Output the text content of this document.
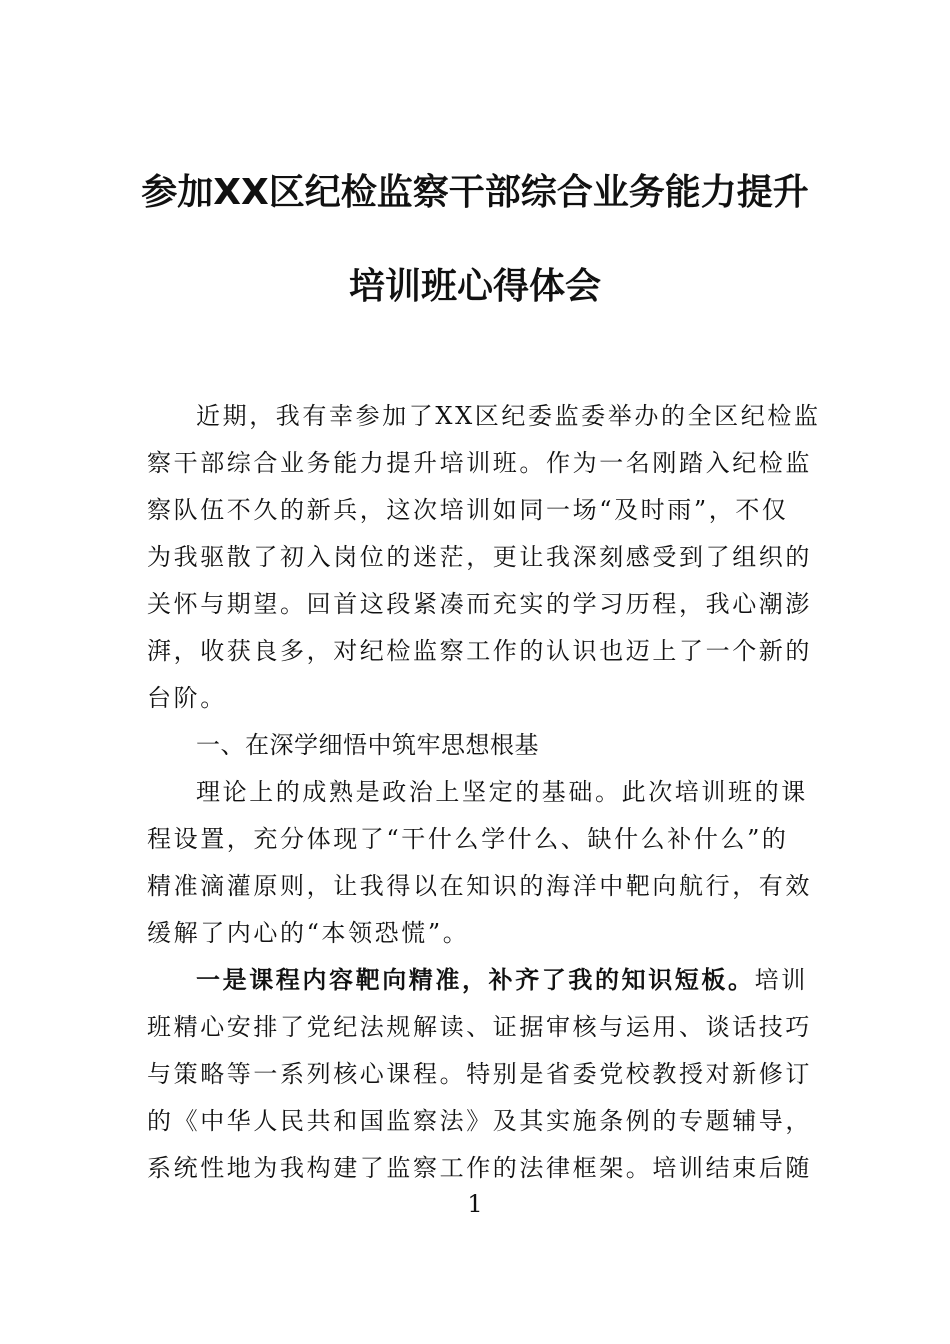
参加XX区纪检监察干部综合业务能力提升
培训班心得体会
近期，我有幸参加了XX区纪委监委举办的全区纪检监
察干部综合业务能力提升培训班。作为一名刚踏入纪检监
察队伍不久的新兵，这次培训如同一场“及时雨”，不仅
为我驱散了初入岗位的迷茫，更让我深刻感受到了组织的
关怀与期望。回首这段紧凑而充实的学习历程，我心潮澎
湃，收获良多，对纪检监察工作的认识也迈上了一个新的
台阶。
一、在深学细悟中筑牢思想根基
理论上的成熟是政治上坚定的基础。此次培训班的课
程设置，充分体现了“干什么学什么、缺什么补什么”的
精准滴灌原则，让我得以在知识的海洋中靶向航行，有效
缓解了内心的“本领恐慌”。
一是课程内容靶向精准，补齐了我的知识短板。培训
班精心安排了党纪法规解读、证据审核与运用、谈话技巧
与策略等一系列核心课程。特别是省委党校教授对新修订
的《中华人民共和国监察法》及其实施条例的专题辅导，
系统性地为我构建了监察工作的法律框架。培训结束后随
1
